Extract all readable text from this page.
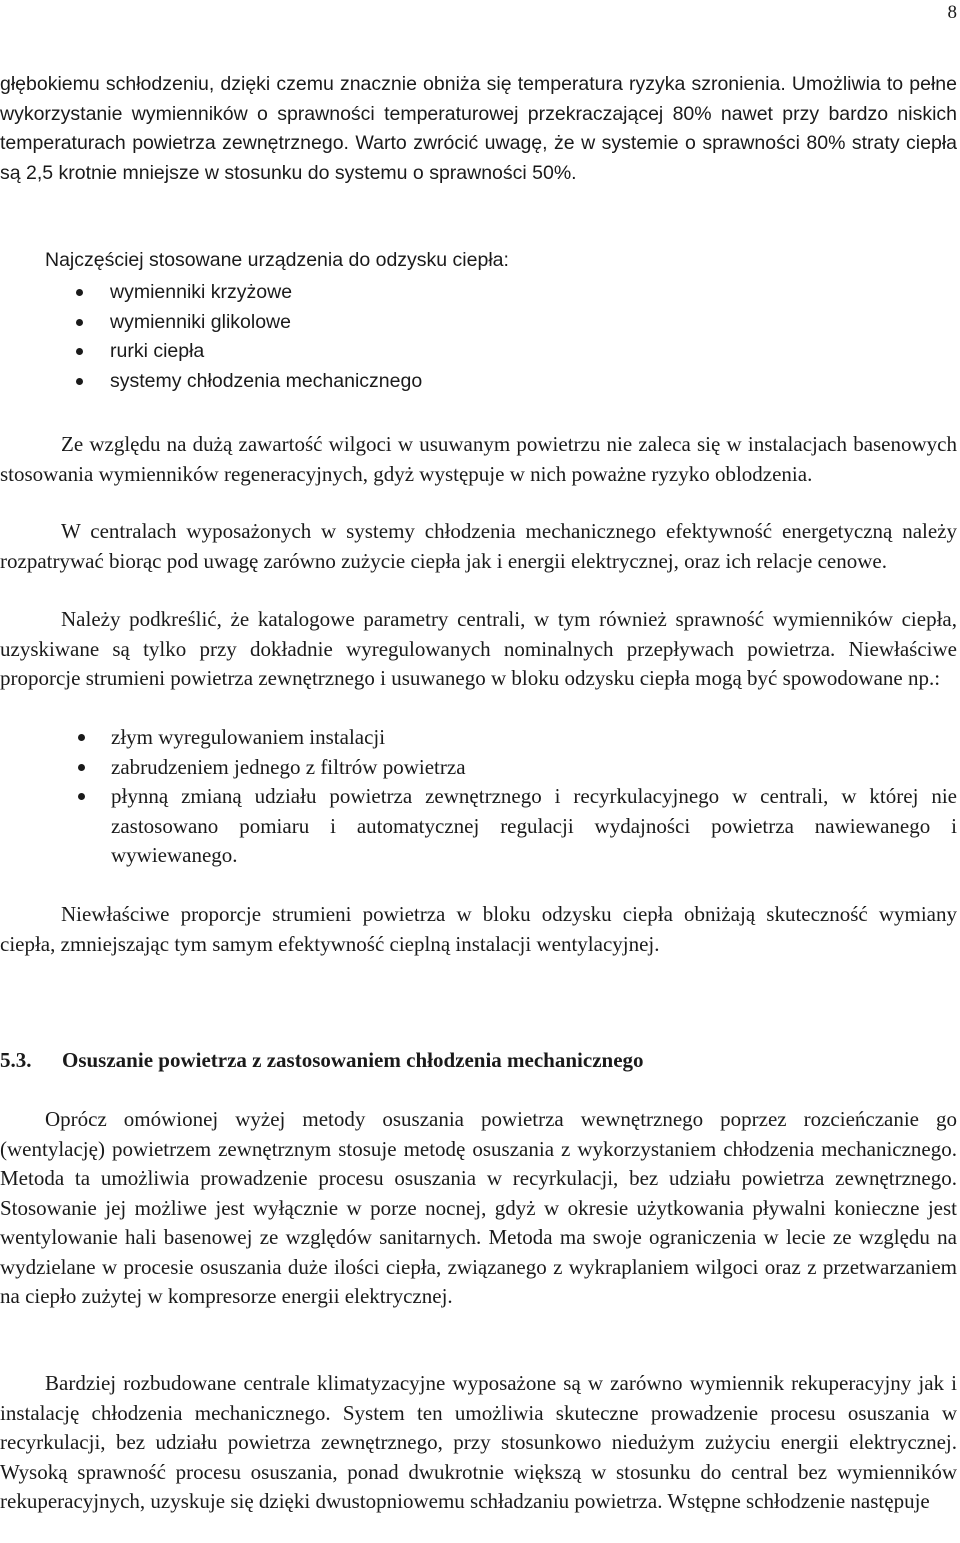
8

głębokiemu schłodzeniu, dzięki czemu znacznie obniża się temperatura ryzyka szronienia. Umożliwia to pełne wykorzystanie wymienników o sprawności temperaturowej przekraczającej 80% nawet przy bardzo niskich temperaturach powietrza zewnętrznego. Warto zwrócić uwagę, że w systemie o sprawności 80% straty ciepła są 2,5 krotnie mniejsze w stosunku do systemu o sprawności 50%.

Najczęściej stosowane urządzenia do odzysku ciepła:

wymienniki krzyżowe
wymienniki glikolowe
rurki ciepła
systemy chłodzenia mechanicznego

Ze względu na dużą zawartość wilgoci w usuwanym powietrzu nie zaleca się w instalacjach basenowych stosowania wymienników regeneracyjnych, gdyż występuje w nich poważne ryzyko oblodzenia.

W centralach wyposażonych w systemy chłodzenia mechanicznego efektywność energetyczną należy rozpatrywać biorąc pod uwagę zarówno zużycie ciepła jak i energii elektrycznej, oraz ich relacje cenowe.

Należy podkreślić, że katalogowe parametry centrali, w tym również sprawność wymienników ciepła, uzyskiwane są tylko przy dokładnie wyregulowanych nominalnych przepływach powietrza. Niewłaściwe proporcje strumieni powietrza zewnętrznego i usuwanego w bloku odzysku ciepła mogą być spowodowane np.:

złym wyregulowaniem instalacji
zabrudzeniem jednego z filtrów powietrza
płynną zmianą udziału powietrza zewnętrznego i recyrkulacyjnego w centrali, w której nie zastosowano pomiaru i automatycznej regulacji wydajności powietrza nawiewanego i wywiewanego.

Niewłaściwe proporcje strumieni powietrza w bloku odzysku ciepła obniżają skuteczność wymiany ciepła, zmniejszając tym samym efektywność cieplną instalacji wentylacyjnej.

5.3. Osuszanie powietrza z zastosowaniem chłodzenia mechanicznego

Oprócz omówionej wyżej metody osuszania powietrza wewnętrznego poprzez rozcieńczanie go (wentylację) powietrzem zewnętrznym stosuje metodę osuszania z wykorzystaniem chłodzenia mechanicznego. Metoda ta umożliwia prowadzenie procesu osuszania w recyrkulacji, bez udziału powietrza zewnętrznego. Stosowanie jej możliwe jest wyłącznie w porze nocnej, gdyż w okresie użytkowania pływalni konieczne jest wentylowanie hali basenowej ze względów sanitarnych. Metoda ma swoje ograniczenia w lecie ze względu na wydzielane w procesie osuszania duże ilości ciepła, związanego z wykraplaniem wilgoci oraz z przetwarzaniem na ciepło zużytej w kompresorze energii elektrycznej.

Bardziej rozbudowane centrale klimatyzacyjne wyposażone są w zarówno wymiennik rekuperacyjny jak i instalację chłodzenia mechanicznego. System ten umożliwia skuteczne prowadzenie procesu osuszania w recyrkulacji, bez udziału powietrza zewnętrznego, przy stosunkowo niedużym zużyciu energii elektrycznej. Wysoką sprawność procesu osuszania, ponad dwukrotnie większą w stosunku do central bez wymienników rekuperacyjnych, uzyskuje się dzięki dwustopniowemu schładzaniu powietrza. Wstępne schłodzenie następuje
